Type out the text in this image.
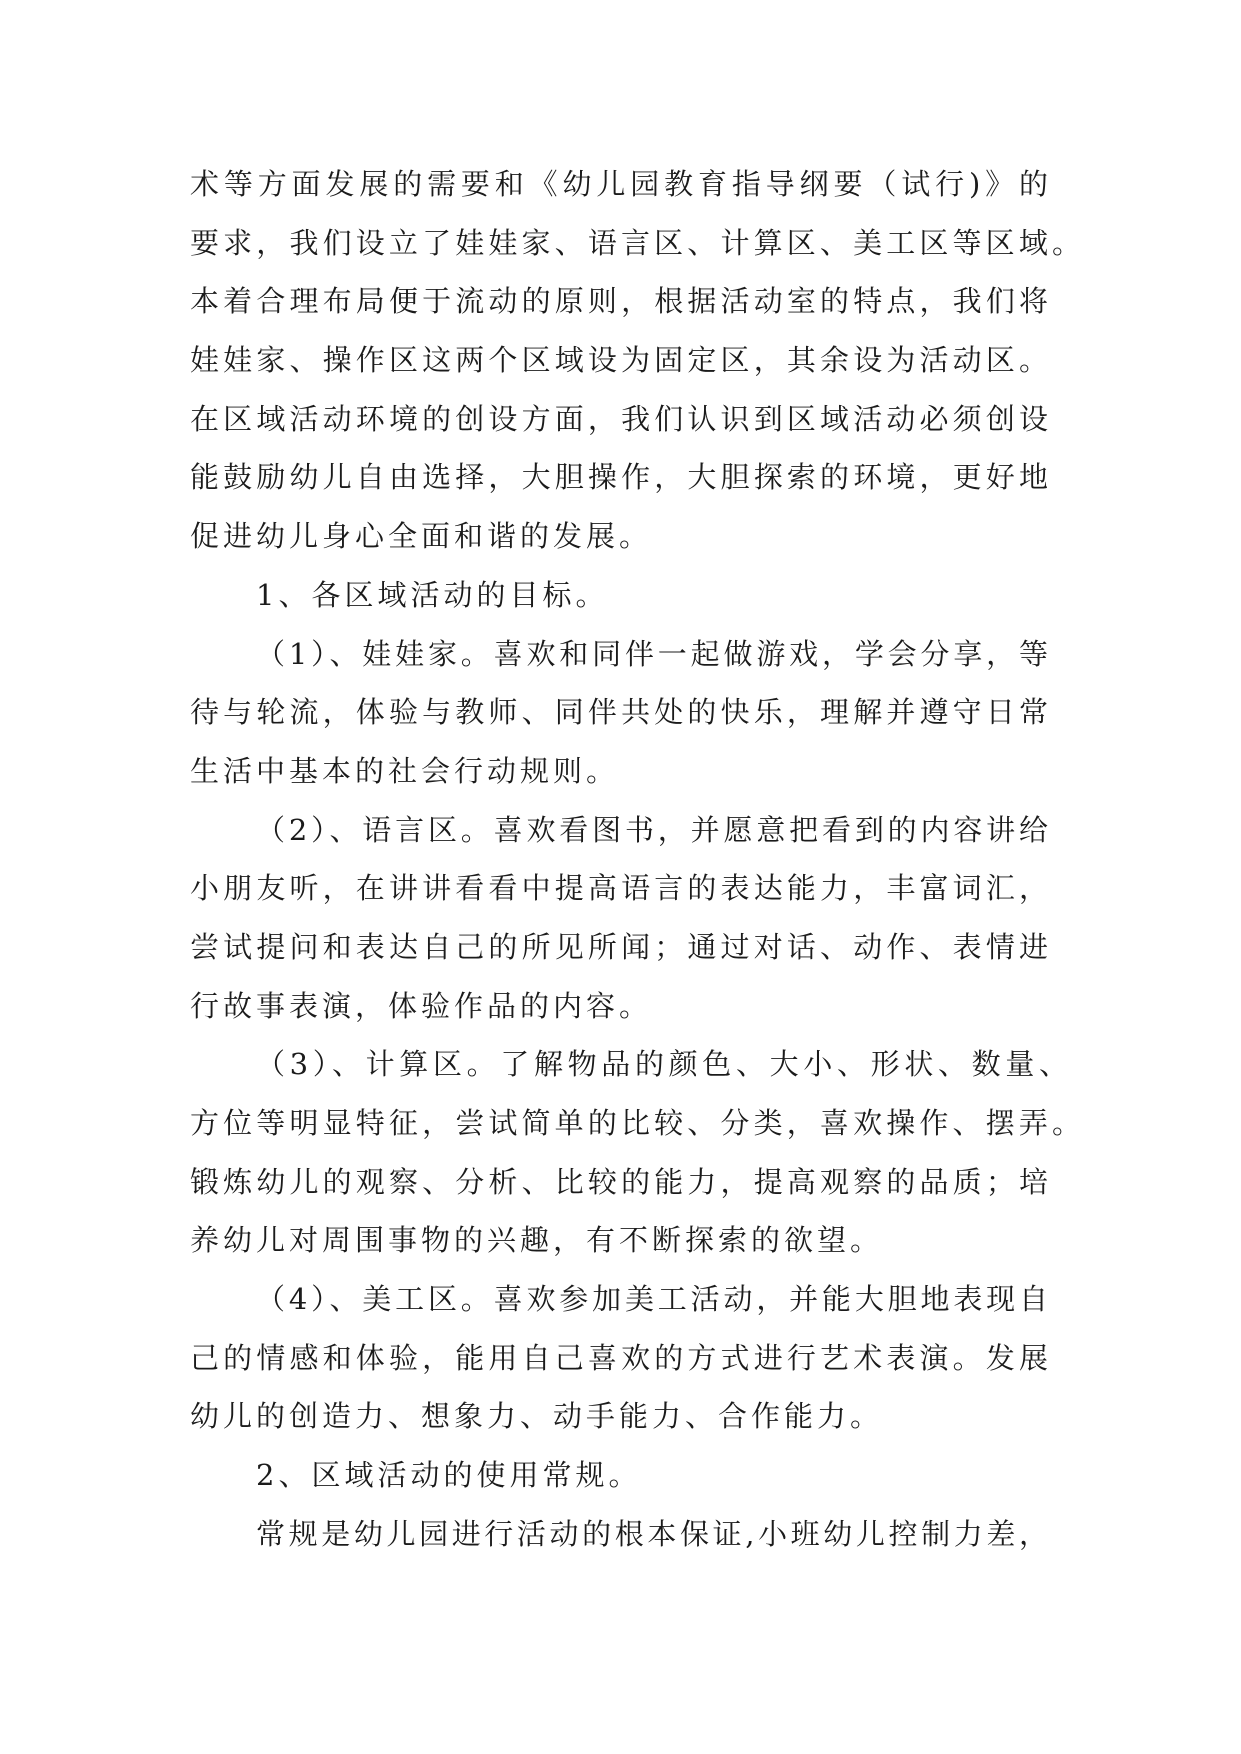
术等方面发展的需要和《幼儿园教育指导纲要（试行)》的
要求，我们设立了娃娃家、语言区、计算区、美工区等区域。
本着合理布局便于流动的原则，根据活动室的特点，我们将
娃娃家、操作区这两个区域设为固定区，其余设为活动区。
在区域活动环境的创设方面，我们认识到区域活动必须创设
能鼓励幼儿自由选择，大胆操作，大胆探索的环境，更好地
促进幼儿身心全面和谐的发展。
1、各区域活动的目标。
（1）、娃娃家。喜欢和同伴一起做游戏，学会分享，等
待与轮流，体验与教师、同伴共处的快乐，理解并遵守日常
生活中基本的社会行动规则。
（2）、语言区。喜欢看图书，并愿意把看到的内容讲给
小朋友听，在讲讲看看中提高语言的表达能力，丰富词汇，
尝试提问和表达自己的所见所闻；通过对话、动作、表情进
行故事表演，体验作品的内容。
（3）、计算区。了解物品的颜色、大小、形状、数量、
方位等明显特征，尝试简单的比较、分类，喜欢操作、摆弄。
锻炼幼儿的观察、分析、比较的能力，提高观察的品质；培
养幼儿对周围事物的兴趣，有不断探索的欲望。
（4）、美工区。喜欢参加美工活动，并能大胆地表现自
己的情感和体验，能用自己喜欢的方式进行艺术表演。发展
幼儿的创造力、想象力、动手能力、合作能力。
2、区域活动的使用常规。
常规是幼儿园进行活动的根本保证,小班幼儿控制力差，
